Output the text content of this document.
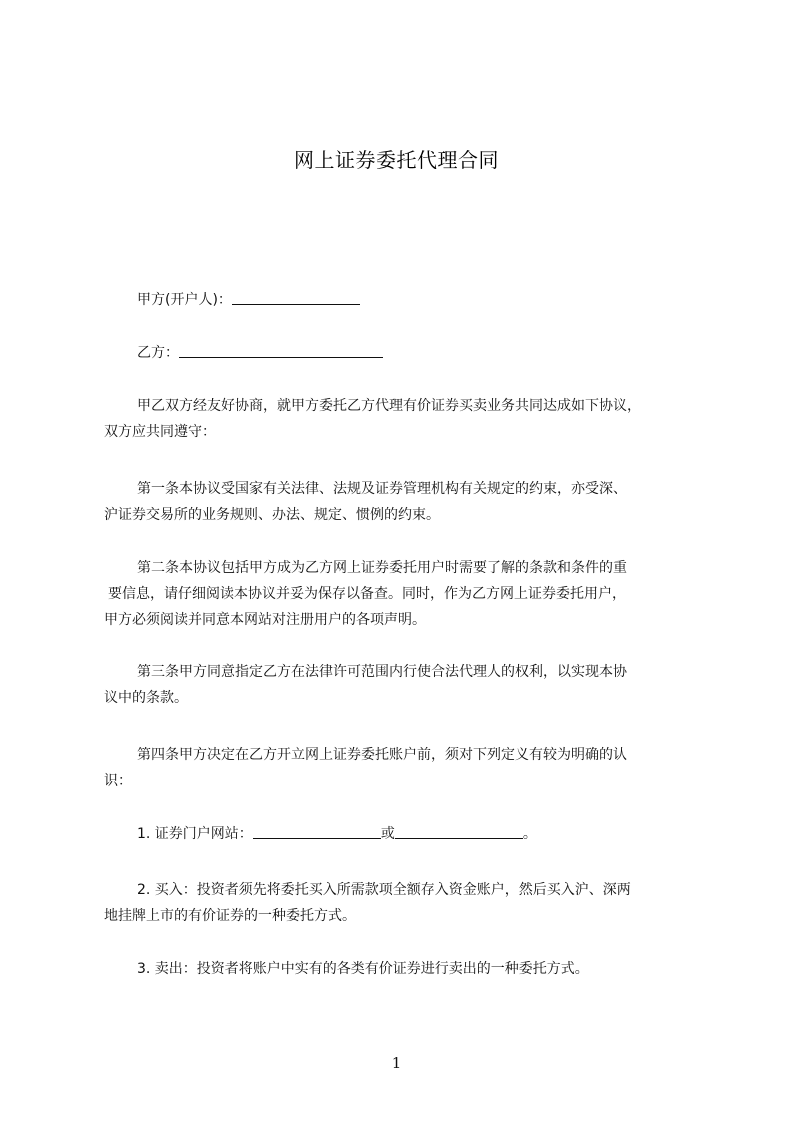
网上证券委托代理合同
甲方(开户人)：
乙方：
甲乙双方经友好协商，就甲方委托乙方代理有价证券买卖业务共同达成如下协议，
双方应共同遵守：
第一条本协议受国家有关法律、法规及证券管理机构有关规定的约束，亦受深、
沪证券交易所的业务规则、办法、规定、惯例的约束。
第二条本协议包括甲方成为乙方网上证券委托用户时需要了解的条款和条件的重
要信息，请仔细阅读本协议并妥为保存以备查。同时，作为乙方网上证券委托用户，
甲方必须阅读并同意本网站对注册用户的各项声明。
第三条甲方同意指定乙方在法律许可范围内行使合法代理人的权利，以实现本协
议中的条款。
第四条甲方决定在乙方开立网上证券委托账户前，须对下列定义有较为明确的认
识：
1. 证券门户网站：	或	。
2. 买入：投资者须先将委托买入所需款项全额存入资金账户，然后买入沪、深两
地挂牌上市的有价证券的一种委托方式。
3. 卖出：投资者将账户中实有的各类有价证券进行卖出的一种委托方式。
1
